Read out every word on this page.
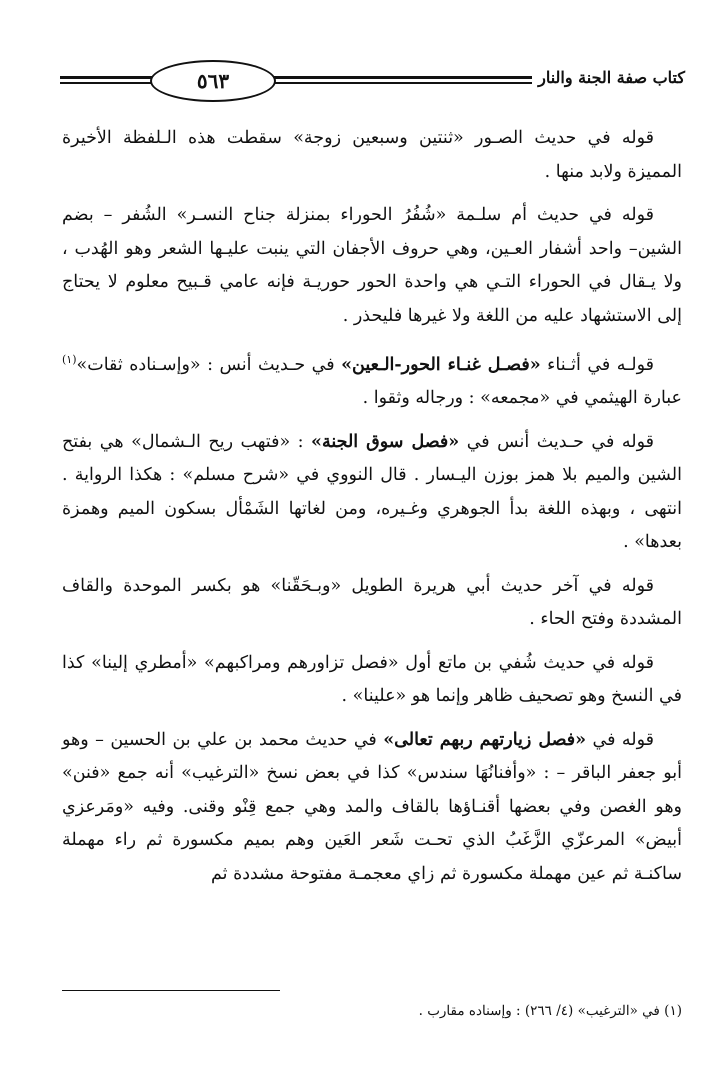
٥٦٣	كتاب صفة الجنة والنار

قوله في حديث الصـور «ثنتين وسبعين زوجة» سقطت هذه الـلفظة الأخيرة المميزة ولابد منها .

قوله في حديث أم سلـمة «شُفُرُ الحوراء بمنزلة جناح النسـر» الشُفر – بضم الشين– واحد أشفار العـين، وهي حروف الأجفان التي ينبت عليـها الشعر وهو الهُدب ، ولا يـقال في الحوراء التـي هي واحدة الحور حوريـة فإنه عامي قـبيح معلوم لا يحتاج إلى الاستشهاد عليه من اللغة ولا غيرها فليحذر .

قولـه في أثـناء «فصـل غنـاء الحور-الـعين» في حـديث أنس : «وإسـناده ثقات»$^{(١)}$ عبارة الهيثمي في «مجمعه» : ورجاله وثقوا .

قوله في حـديث أنس في «فصل سوق الجنة» : «فتهب ريح الـشمال» هي بفتح الشين والميم بلا همز بوزن اليـسار . قال النووي في «شرح مسلم» : هكذا الرواية . انتهى ، وبهذه اللغة بدأ الجوهري وغـيره، ومن لغاتها الشَمْأل بسكون الميم وهمزة بعدها» .

قوله في آخر حديث أبي هريرة الطويل «وبـحَقّنا» هو بكسر الموحدة والقاف المشددة وفتح الحاء .

قوله في حديث شُفي بن ماتع أول «فصل تزاورهم ومراكبهم» «أمطري إلينا» كذا في النسخ وهو تصحيف ظاهر وإنما هو «علينا» .

قوله في «فصل زيارتهم ربهم تعالى» في حديث محمد بن علي بن الحسين – وهو أبو جعفر الباقر – : «وأفنانُهَا سندس» كذا في بعض نسخ «الترغيب» أنه جمع «فنن» وهو الغصن وفي بعضها أقنـاؤها بالقاف والمد وهي جمع قِنْو وقنى. وفيه «ومَرعزي أبيض» المرعزّي الزَّغَبُ الذي تحـت شَعر العَين وهم بميم مكسورة ثم راء مهملة ساكنـة ثم عين مهملة مكسورة ثم زاي معجمـة مفتوحة مشددة ثم

(١) في «الترغيب» (٤/ ٢٦٦) : وإسناده مقارب .
